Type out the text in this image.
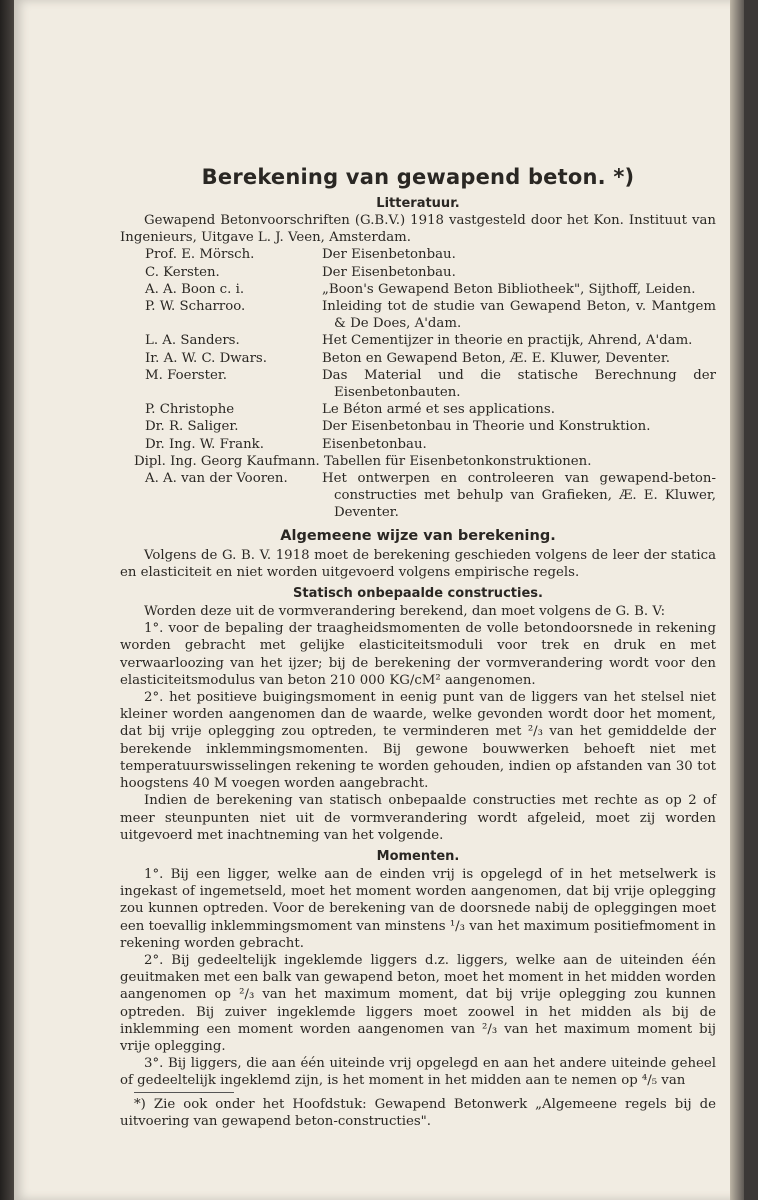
Berekening van gewapend beton. *)
Litteratuur.

Gewapend Betonvoorschriften (G.B.V.) 1918 vastgesteld door het Kon. Instituut van Ingenieurs, Uitgave L. J. Veen, Amsterdam.

Prof. E. Mörsch.	Der Eisenbetonbau.
C. Kersten.	Der Eisenbetonbau.
A. A. Boon c. i.	„Boon's Gewapend Beton Bibliotheek", Sijthoff, Leiden.
P. W. Scharroo.	Inleiding tot de studie van Gewapend Beton, v. Mantgem & De Does, A'dam.
L. A. Sanders.	Het Cementijzer in theorie en practijk, Ahrend, A'dam.
Ir. A. W. C. Dwars.	Beton en Gewapend Beton, Æ. E. Kluwer, Deventer.
M. Foerster.	Das Material und die statische Berechnung der Eisenbetonbauten.
P. Christophe	Le Béton armé et ses applications.
Dr. R. Saliger.	Der Eisenbetonbau in Theorie und Konstruktion.
Dr. Ing. W. Frank.	Eisenbetonbau.

Dipl. Ing. Georg Kaufmann. Tabellen für Eisenbetonkonstruktionen.

A. A. van der Vooren.	Het ontwerpen en controleeren van gewapend-beton-constructies met behulp van Grafieken, Æ. E. Kluwer, Deventer.
Algemeene wijze van berekening.

Volgens de G. B. V. 1918 moet de berekening geschieden volgens de leer der statica en elasticiteit en niet worden uitgevoerd volgens empirische regels.

Statisch onbepaalde constructies.

Worden deze uit de vormverandering berekend, dan moet volgens de G. B. V:

1°. voor de bepaling der traagheidsmomenten de volle betondoorsnede in rekening worden gebracht met gelijke elasticiteitsmoduli voor trek en druk en met verwaarloozing van het ijzer; bij de berekening der vormverandering wordt voor den elasticiteitsmodulus van beton 210 000 KG/cM² aangenomen.

2°. het positieve buigingsmoment in eenig punt van de liggers van het stelsel niet kleiner worden aangenomen dan de waarde, welke gevonden wordt door het moment, dat bij vrije oplegging zou optreden, te verminderen met ²/₃ van het gemiddelde der berekende inklemmingsmomenten. Bij gewone bouwwerken behoeft niet met temperatuurswisselingen rekening te worden gehouden, indien op afstanden van 30 tot hoogstens 40 M voegen worden aangebracht.

Indien de berekening van statisch onbepaalde constructies met rechte as op 2 of meer steunpunten niet uit de vormverandering wordt afgeleid, moet zij worden uitgevoerd met inachtneming van het volgende.

Momenten.

1°. Bij een ligger, welke aan de einden vrij is opgelegd of in het metselwerk is ingekast of ingemetseld, moet het moment worden aangenomen, dat bij vrije oplegging zou kunnen optreden. Voor de berekening van de doorsnede nabij de opleggingen moet een toevallig inklemmingsmoment van minstens ¹/₃ van het maximum positiefmoment in rekening worden gebracht.

2°. Bij gedeeltelijk ingeklemde liggers d.z. liggers, welke aan de uiteinden één geuitmaken met een balk van gewapend beton, moet het moment in het midden worden aangenomen op ²/₃ van het maximum moment, dat bij vrije oplegging zou kunnen optreden. Bij zuiver ingeklemde liggers moet zoowel in het midden als bij de inklemming een moment worden aangenomen van ²/₃ van het maximum moment bij vrije oplegging.

3°. Bij liggers, die aan één uiteinde vrij opgelegd en aan het andere uiteinde geheel of gedeeltelijk ingeklemd zijn, is het moment in het midden aan te nemen op ⁴/₅ van

*) Zie ook onder het Hoofdstuk: Gewapend Betonwerk „Algemeene regels bij de uitvoering van gewapend beton-constructies".
